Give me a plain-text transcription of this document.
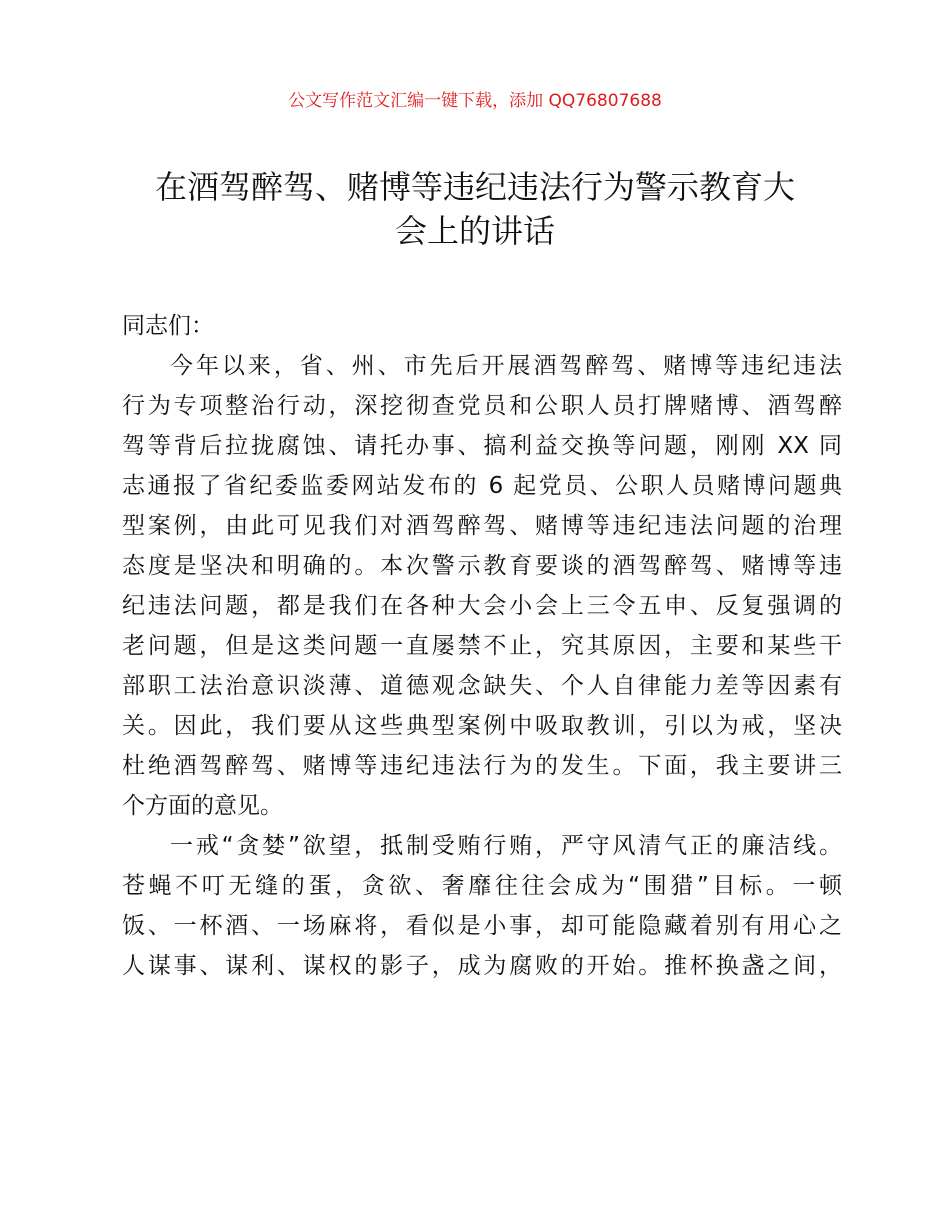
公文写作范文汇编一键下载，添加 QQ76807688
在酒驾醉驾、赌博等违纪违法行为警示教育大
会上的讲话
同志们：
今年以来，省、州、市先后开展酒驾醉驾、赌博等违纪违法
行为专项整治行动，深挖彻查党员和公职人员打牌赌博、酒驾醉
驾等背后拉拢腐蚀、请托办事、搞利益交换等问题，刚刚 XX 同
志通报了省纪委监委网站发布的 6 起党员、公职人员赌博问题典
型案例，由此可见我们对酒驾醉驾、赌博等违纪违法问题的治理
态度是坚决和明确的。本次警示教育要谈的酒驾醉驾、赌博等违
纪违法问题，都是我们在各种大会小会上三令五申、反复强调的
老问题，但是这类问题一直屡禁不止，究其原因，主要和某些干
部职工法治意识淡薄、道德观念缺失、个人自律能力差等因素有
关。因此，我们要从这些典型案例中吸取教训，引以为戒，坚决
杜绝酒驾醉驾、赌博等违纪违法行为的发生。下面，我主要讲三
个方面的意见。
一戒“贪婪”欲望，抵制受贿行贿，严守风清气正的廉洁线。
苍蝇不叮无缝的蛋，贪欲、奢靡往往会成为“围猎”目标。一顿
饭、一杯酒、一场麻将，看似是小事，却可能隐藏着别有用心之
人谋事、谋利、谋权的影子，成为腐败的开始。推杯换盏之间，
